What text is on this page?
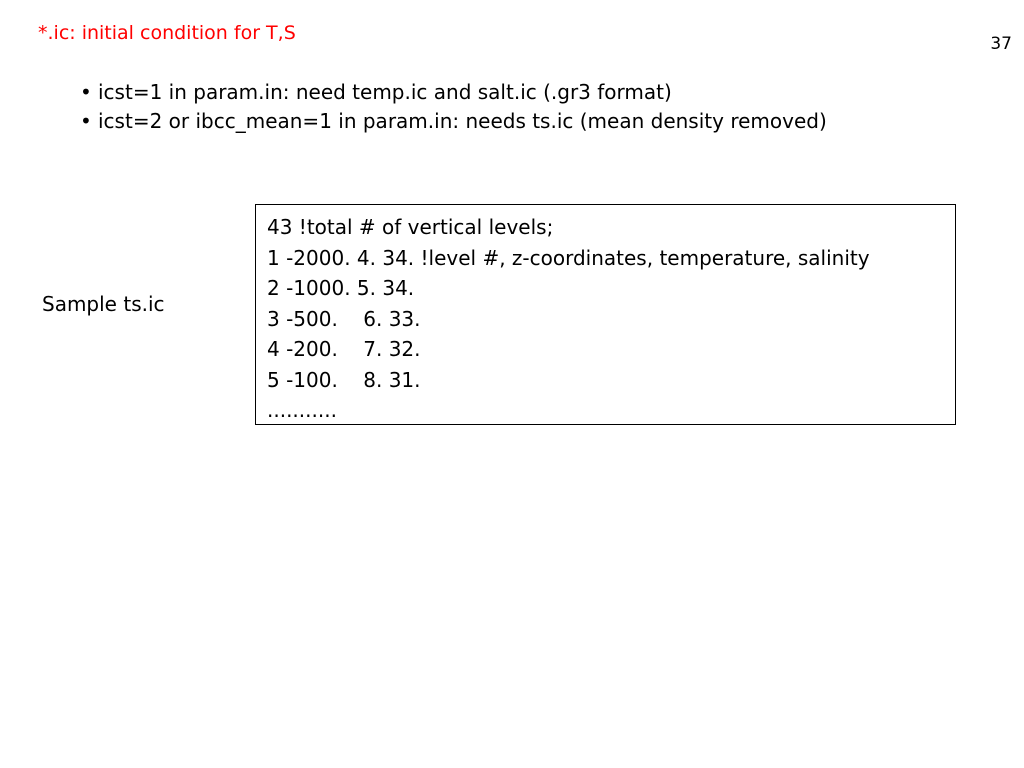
*.ic: initial condition for T,S	37
• icst=1 in param.in: need temp.ic and salt.ic (.gr3 format)
• icst=2 or ibcc_mean=1 in param.in: needs ts.ic (mean density removed)
Sample ts.ic
43 !total # of vertical levels;
1 -2000. 4. 34. !level #, z-coordinates, temperature, salinity
2 -1000. 5. 34.
3 -500.    6. 33.
4 -200.    7. 32.
5 -100.    8. 31.
...........
